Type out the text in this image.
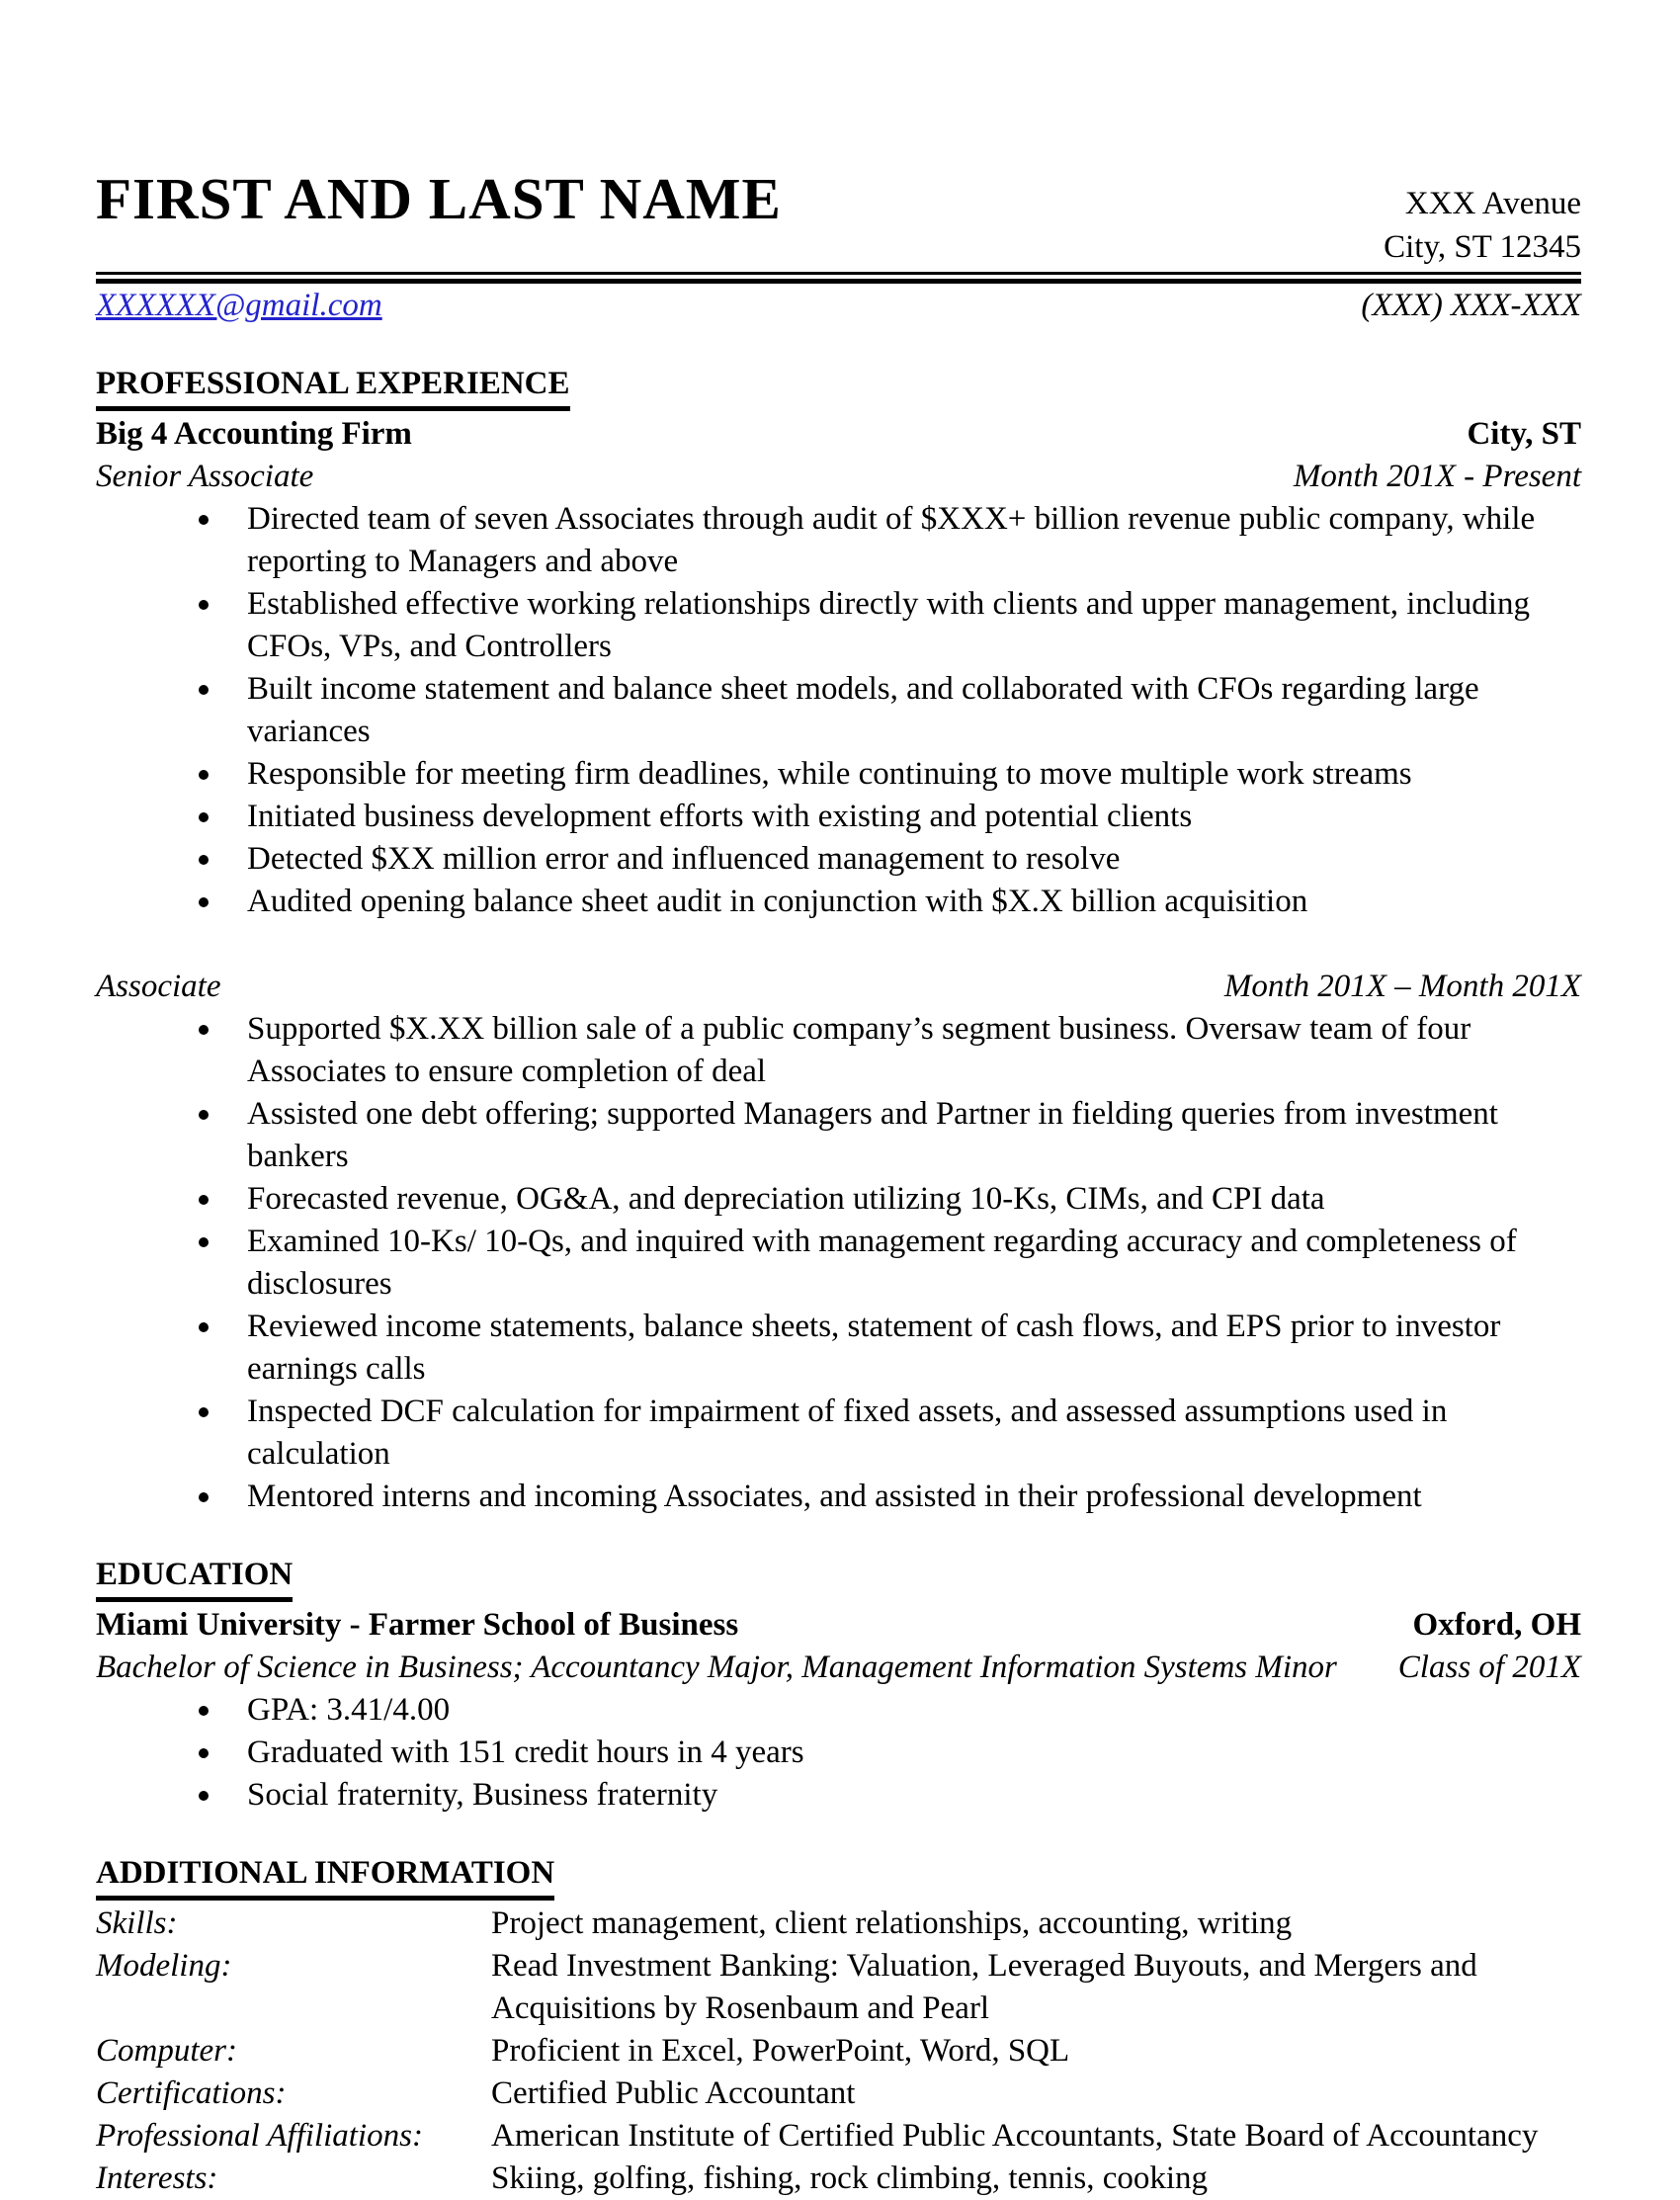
FIRST AND LAST NAME	XXX Avenue
City, ST 12345
XXXXXX@gmail.com	(XXX) XXX-XXX
PROFESSIONAL EXPERIENCE
Big 4 Accounting Firm	City, ST
Senior Associate	Month 201X - Present
Directed team of seven Associates through audit of $XXX+ billion revenue public company, while reporting to Managers and above
Established effective working relationships directly with clients and upper management, including CFOs, VPs, and Controllers
Built income statement and balance sheet models, and collaborated with CFOs regarding large variances
Responsible for meeting firm deadlines, while continuing to move multiple work streams
Initiated business development efforts with existing and potential clients
Detected $XX million error and influenced management to resolve
Audited opening balance sheet audit in conjunction with $X.X billion acquisition
Associate	Month 201X – Month 201X
Supported $X.XX billion sale of a public company’s segment business. Oversaw team of four Associates to ensure completion of deal
Assisted one debt offering; supported Managers and Partner in fielding queries from investment bankers
Forecasted revenue, OG&A, and depreciation utilizing 10-Ks, CIMs, and CPI data
Examined 10-Ks/ 10-Qs, and inquired with management regarding accuracy and completeness of disclosures
Reviewed income statements, balance sheets, statement of cash flows, and EPS prior to investor earnings calls
Inspected DCF calculation for impairment of fixed assets, and assessed assumptions used in calculation
Mentored interns and incoming Associates, and assisted in their professional development
EDUCATION
Miami University - Farmer School of Business	Oxford, OH
Bachelor of Science in Business; Accountancy Major, Management Information Systems Minor Class of 201X
GPA: 3.41/4.00
Graduated with 151 credit hours in 4 years
Social fraternity, Business fraternity
ADDITIONAL INFORMATION
Skills:	Project management, client relationships, accounting, writing
Modeling:	Read Investment Banking: Valuation, Leveraged Buyouts, and Mergers and Acquisitions by Rosenbaum and Pearl
Computer:	Proficient in Excel, PowerPoint, Word, SQL
Certifications:	Certified Public Accountant
Professional Affiliations:	American Institute of Certified Public Accountants, State Board of Accountancy
Interests:	Skiing, golfing, fishing, rock climbing, tennis, cooking
